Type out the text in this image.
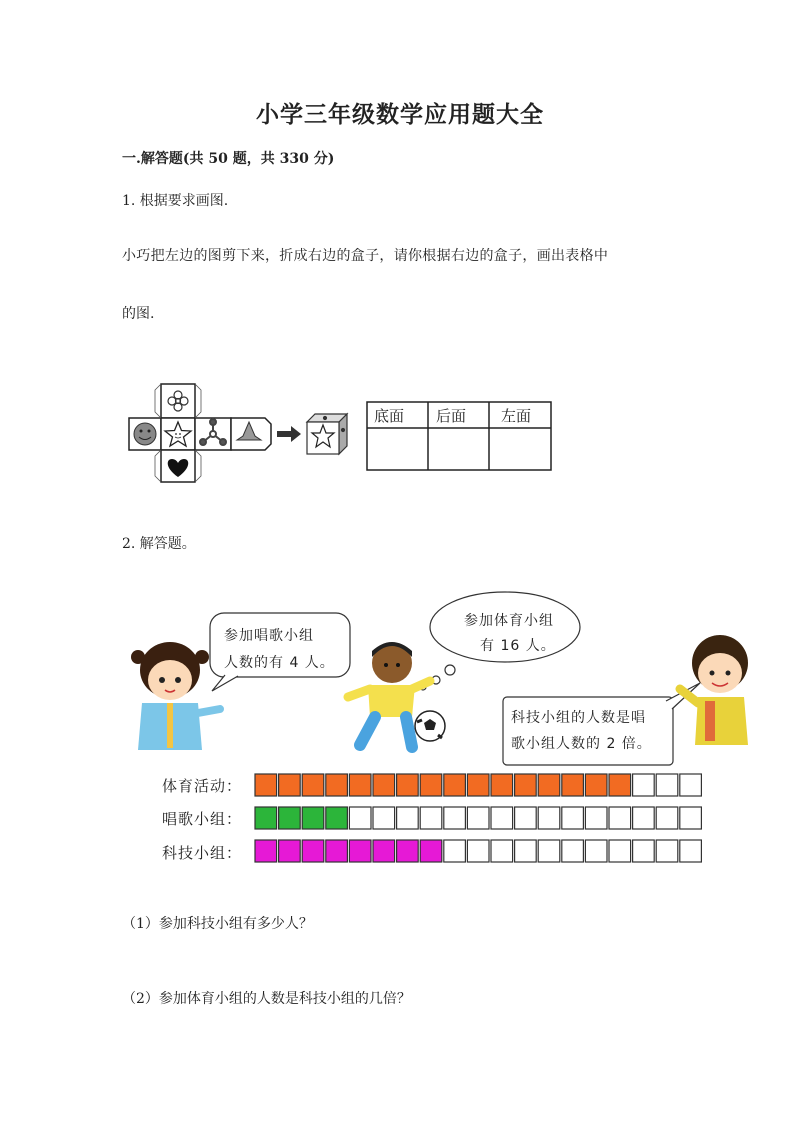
小学三年级数学应用题大全
一.解答题(共 50 题，共 330 分)
1. 根据要求画图.
小巧把左边的图剪下来，折成右边的盒子，请你根据右边的盒子，画出表格中
的图.
底面 后面 左面
2. 解答题。
参加唱歌小组
人数的有 4 人。
参加体育小组
有 16 人。
科技小组的人数是唱
歌小组人数的 2 倍。
体育活动：
唱歌小组：
科技小组：
（1）参加科技小组有多少人？
（2）参加体育小组的人数是科技小组的几倍？
